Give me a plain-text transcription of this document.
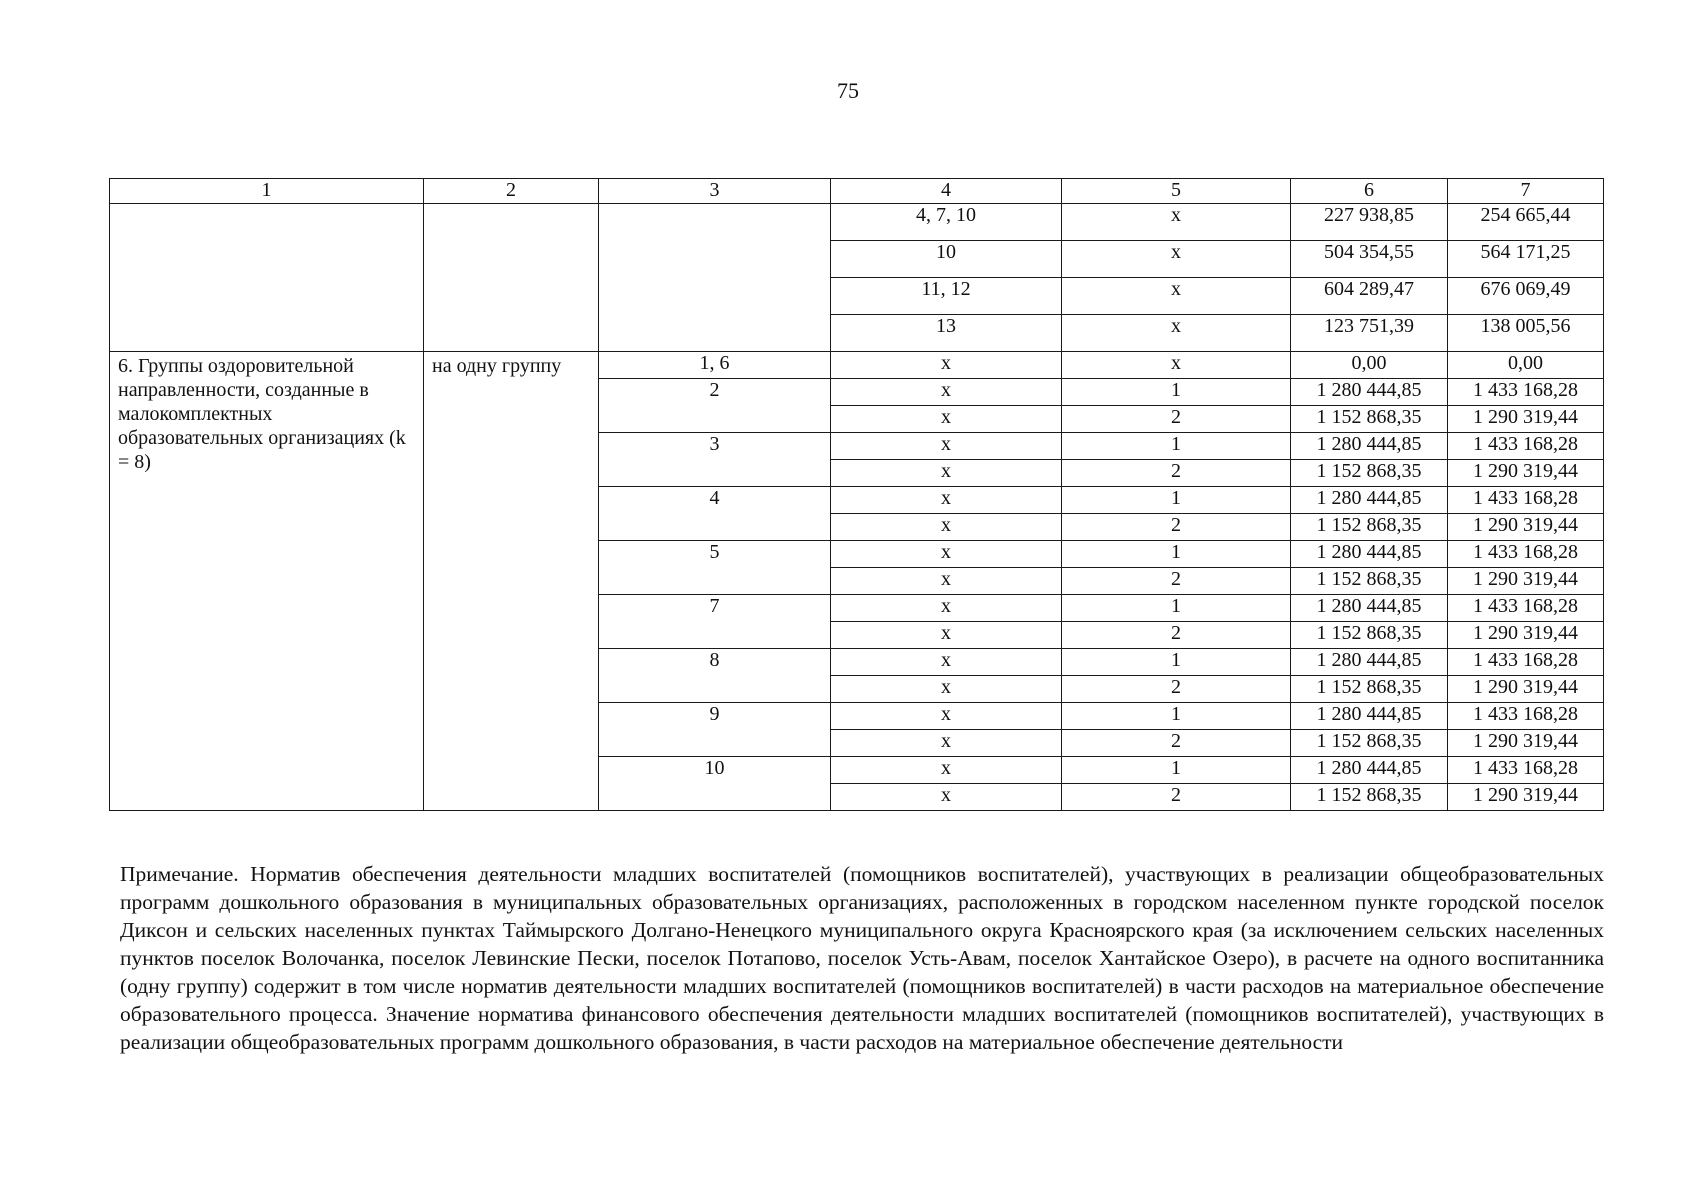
75
1	2	3	4	5	6	7
			4, 7, 10	x	227 938,85	254 665,44
			10	x	504 354,55	564 171,25
			11, 12	x	604 289,47	676 069,49
			13	x	123 751,39	138 005,56
6. Группы оздоровительной направленности, созданные в малокомплектных образовательных организациях (k = 8)	на одну группу	1, 6	x	x	0,00	0,00
		2	x	1	1 280 444,85	1 433 168,28
			x	2	1 152 868,35	1 290 319,44
		3	x	1	1 280 444,85	1 433 168,28
			x	2	1 152 868,35	1 290 319,44
		4	x	1	1 280 444,85	1 433 168,28
			x	2	1 152 868,35	1 290 319,44
		5	x	1	1 280 444,85	1 433 168,28
			x	2	1 152 868,35	1 290 319,44
		7	x	1	1 280 444,85	1 433 168,28
			x	2	1 152 868,35	1 290 319,44
		8	x	1	1 280 444,85	1 433 168,28
			x	2	1 152 868,35	1 290 319,44
		9	x	1	1 280 444,85	1 433 168,28
			x	2	1 152 868,35	1 290 319,44
		10	x	1	1 280 444,85	1 433 168,28
			x	2	1 152 868,35	1 290 319,44
Примечание. Норматив обеспечения деятельности младших воспитателей (помощников воспитателей), участвующих в реализации общеобразовательных программ дошкольного образования в муниципальных образовательных организациях, расположенных в городском населенном пункте городской поселок Диксон и сельских населенных пунктах Таймырского Долгано-Ненецкого муниципального округа Красноярского края (за исключением сельских населенных пунктов поселок Волочанка, поселок Левинские Пески, поселок Потапово, поселок Усть-Авам, поселок Хантайское Озеро), в расчете на одного воспитанника (одну группу) содержит в том числе норматив деятельности младших воспитателей (помощников воспитателей) в части расходов на материальное обеспечение образовательного процесса. Значение норматива финансового обеспечения деятельности младших воспитателей (помощников воспитателей), участвующих в реализации общеобразовательных программ дошкольного образования, в части расходов на материальное обеспечение деятельности
